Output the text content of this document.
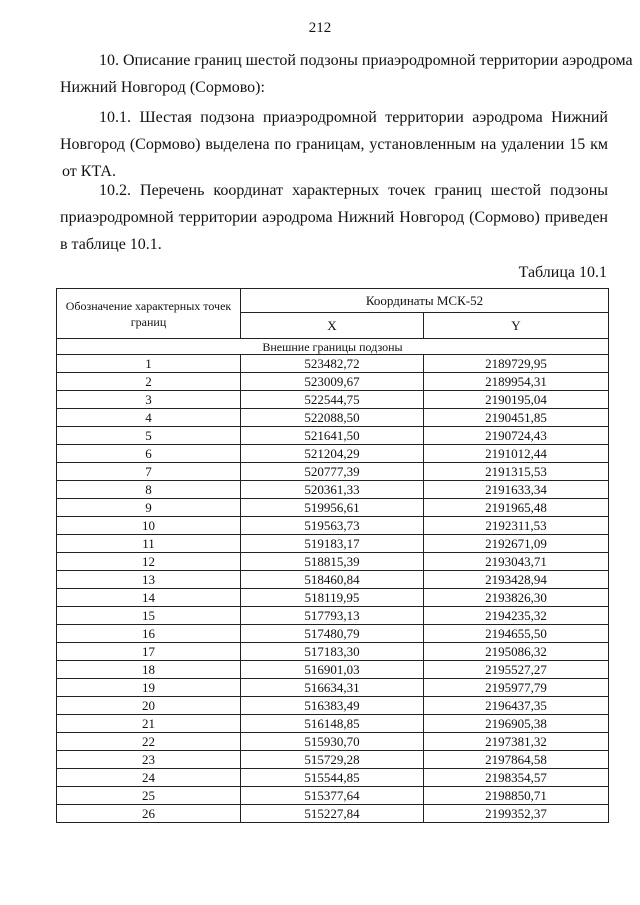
212
10. Описание границ шестой подзоны приаэродромной территории аэродрома
Нижний Новгород (Сормово):
10.1. Шестая подзона приаэродромной территории аэродрома Нижний
Новгород (Сормово) выделена по границам, установленным на удалении 15 км
от КТА.
10.2. Перечень координат характерных точек границ шестой подзоны
приаэродромной территории аэродрома Нижний Новгород (Сормово) приведен
в таблице 10.1.
Таблица 10.1
Обозначение характерных точек границ	Координаты МСК-52	
	X	Y
Внешние границы подзоны		
1	523482,72	2189729,95
2	523009,67	2189954,31
3	522544,75	2190195,04
4	522088,50	2190451,85
5	521641,50	2190724,43
6	521204,29	2191012,44
7	520777,39	2191315,53
8	520361,33	2191633,34
9	519956,61	2191965,48
10	519563,73	2192311,53
11	519183,17	2192671,09
12	518815,39	2193043,71
13	518460,84	2193428,94
14	518119,95	2193826,30
15	517793,13	2194235,32
16	517480,79	2194655,50
17	517183,30	2195086,32
18	516901,03	2195527,27
19	516634,31	2195977,79
20	516383,49	2196437,35
21	516148,85	2196905,38
22	515930,70	2197381,32
23	515729,28	2197864,58
24	515544,85	2198354,57
25	515377,64	2198850,71
26	515227,84	2199352,37
